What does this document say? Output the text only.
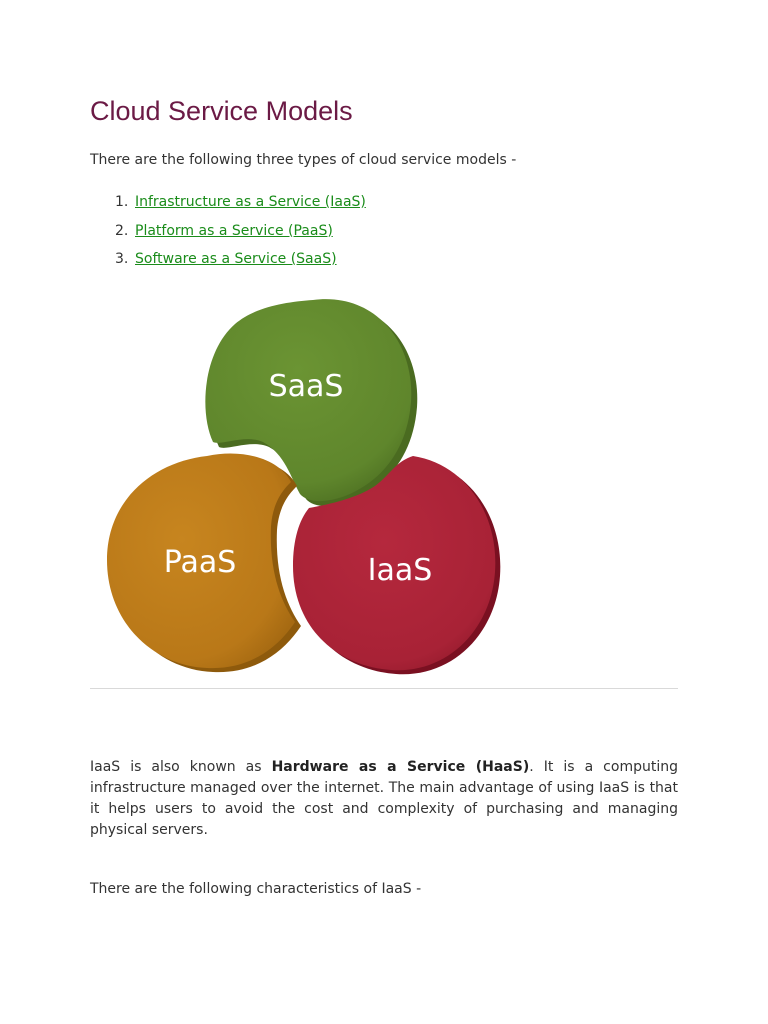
Cloud Service Models

There are the following three types of cloud service models -

1. Infrastructure as a Service (IaaS)
2. Platform as a Service (PaaS)
3. Software as a Service (SaaS)
SaaS
PaaS	IaaS

IaaS is also known as Hardware as a Service (HaaS). It is a computing infrastructure managed over the internet. The main advantage of using IaaS is that it helps users to avoid the cost and complexity of purchasing and managing physical servers.

There are the following characteristics of IaaS -
